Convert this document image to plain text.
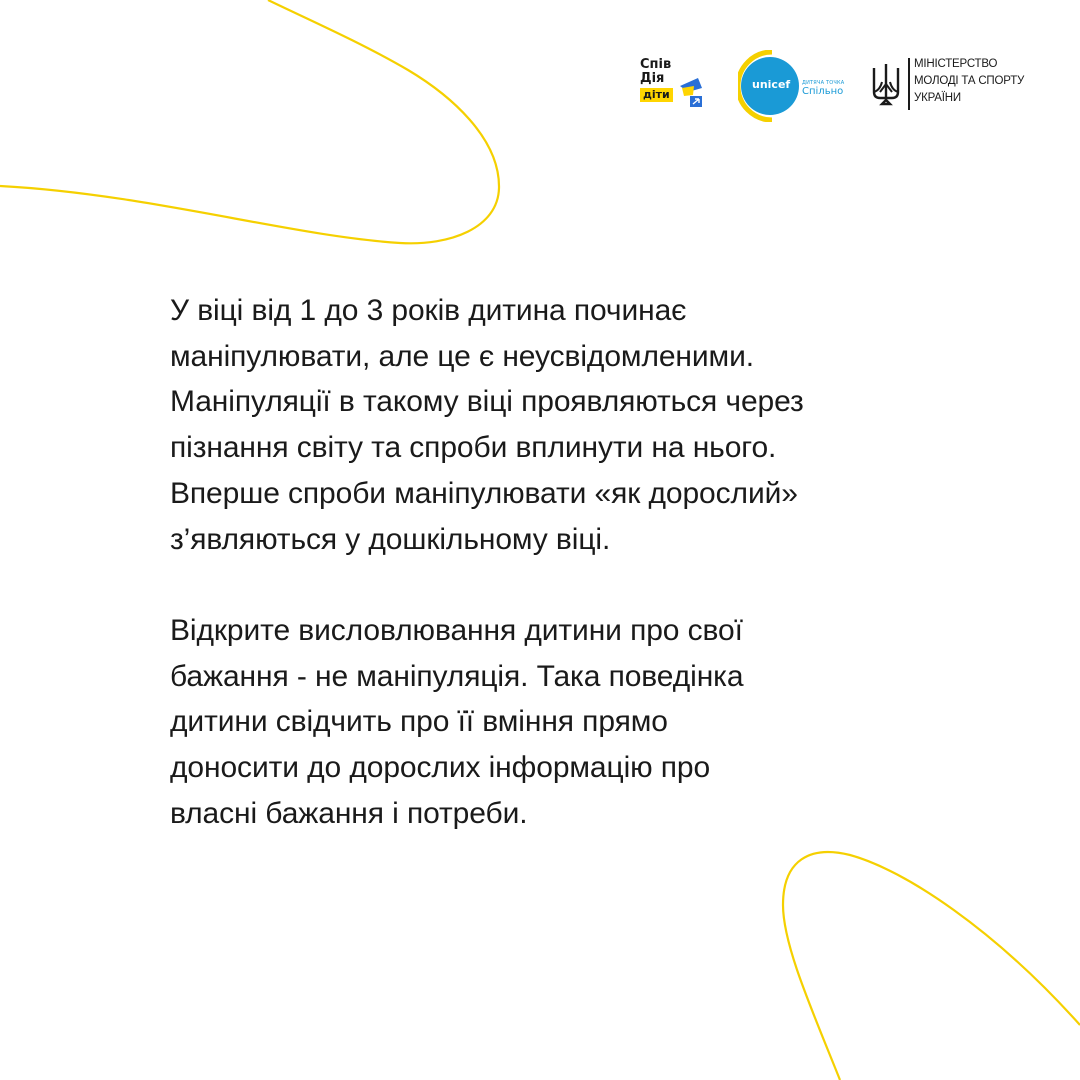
Спів
Дія
діти
unicef ДИТЯЧА ТОЧКА
Спільно
МІНІСТЕРСТВО
МОЛОДІ ТА СПОРТУ
УКРАЇНИ

У віці від 1 до 3 років дитина починає
маніпулювати, але це є неусвідомленими.
Маніпуляції в такому віці проявляються через
пізнання світу та спроби вплинути на нього.
Вперше спроби маніпулювати «як дорослий»
з’являються у дошкільному віці.

Відкрите висловлювання дитини про свої
бажання - не маніпуляція. Така поведінка
дитини свідчить про її вміння прямо
доносити до дорослих інформацію про
власні бажання і потреби.
